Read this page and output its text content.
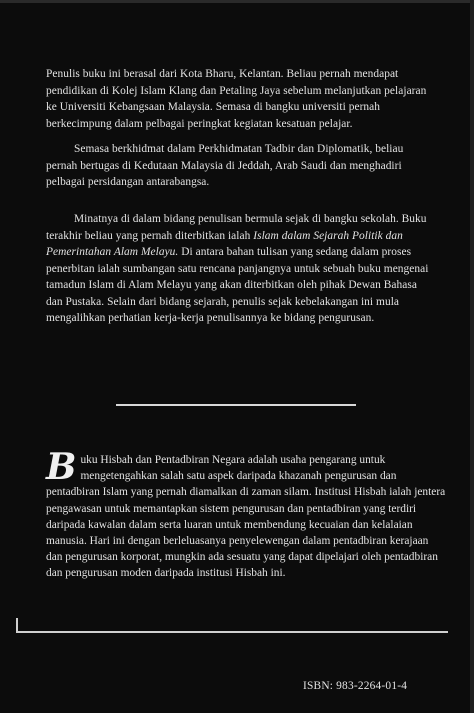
Penulis buku ini berasal dari Kota Bharu, Kelantan. Beliau pernah mendapat pendidikan di Kolej Islam Klang dan Petaling Jaya sebelum melanjutkan pelajaran ke Universiti Kebangsaan Malaysia. Semasa di bangku universiti pernah berkecimpung dalam pelbagai peringkat kegiatan kesatuan pelajar.

Semasa berkhidmat dalam Perkhidmatan Tadbir dan Diplomatik, beliau pernah bertugas di Kedutaan Malaysia di Jeddah, Arab Saudi dan menghadiri pelbagai persidangan antarabangsa.

Minatnya di dalam bidang penulisan bermula sejak di bangku sekolah. Buku terakhir beliau yang pernah diterbitkan ialah Islam dalam Sejarah Politik dan Pemerintahan Alam Melayu. Di antara bahan tulisan yang sedang dalam proses penerbitan ialah sumbangan satu rencana panjangnya untuk sebuah buku mengenai tamadun Islam di Alam Melayu yang akan diterbitkan oleh pihak Dewan Bahasa dan Pustaka. Selain dari bidang sejarah, penulis sejak kebelakangan ini mula mengalihkan perhatian kerja-kerja penulisannya ke bidang pengurusan.

Buku Hisbah dan Pentadbiran Negara adalah usaha pengarang untuk mengetengahkan salah satu aspek daripada khazanah pengurusan dan pentadbiran Islam yang pernah diamalkan di zaman silam. Institusi Hisbah ialah jentera pengawasan untuk memantapkan sistem pengurusan dan pentadbiran yang terdiri daripada kawalan dalam serta luaran untuk membendung kecuaian dan kelalaian manusia. Hari ini dengan berleluasanya penyelewengan dalam pentadbiran kerajaan dan pengurusan korporat, mungkin ada sesuatu yang dapat dipelajari oleh pentadbiran dan pengurusan moden daripada institusi Hisbah ini.

ISBN: 983-2264-01-4
